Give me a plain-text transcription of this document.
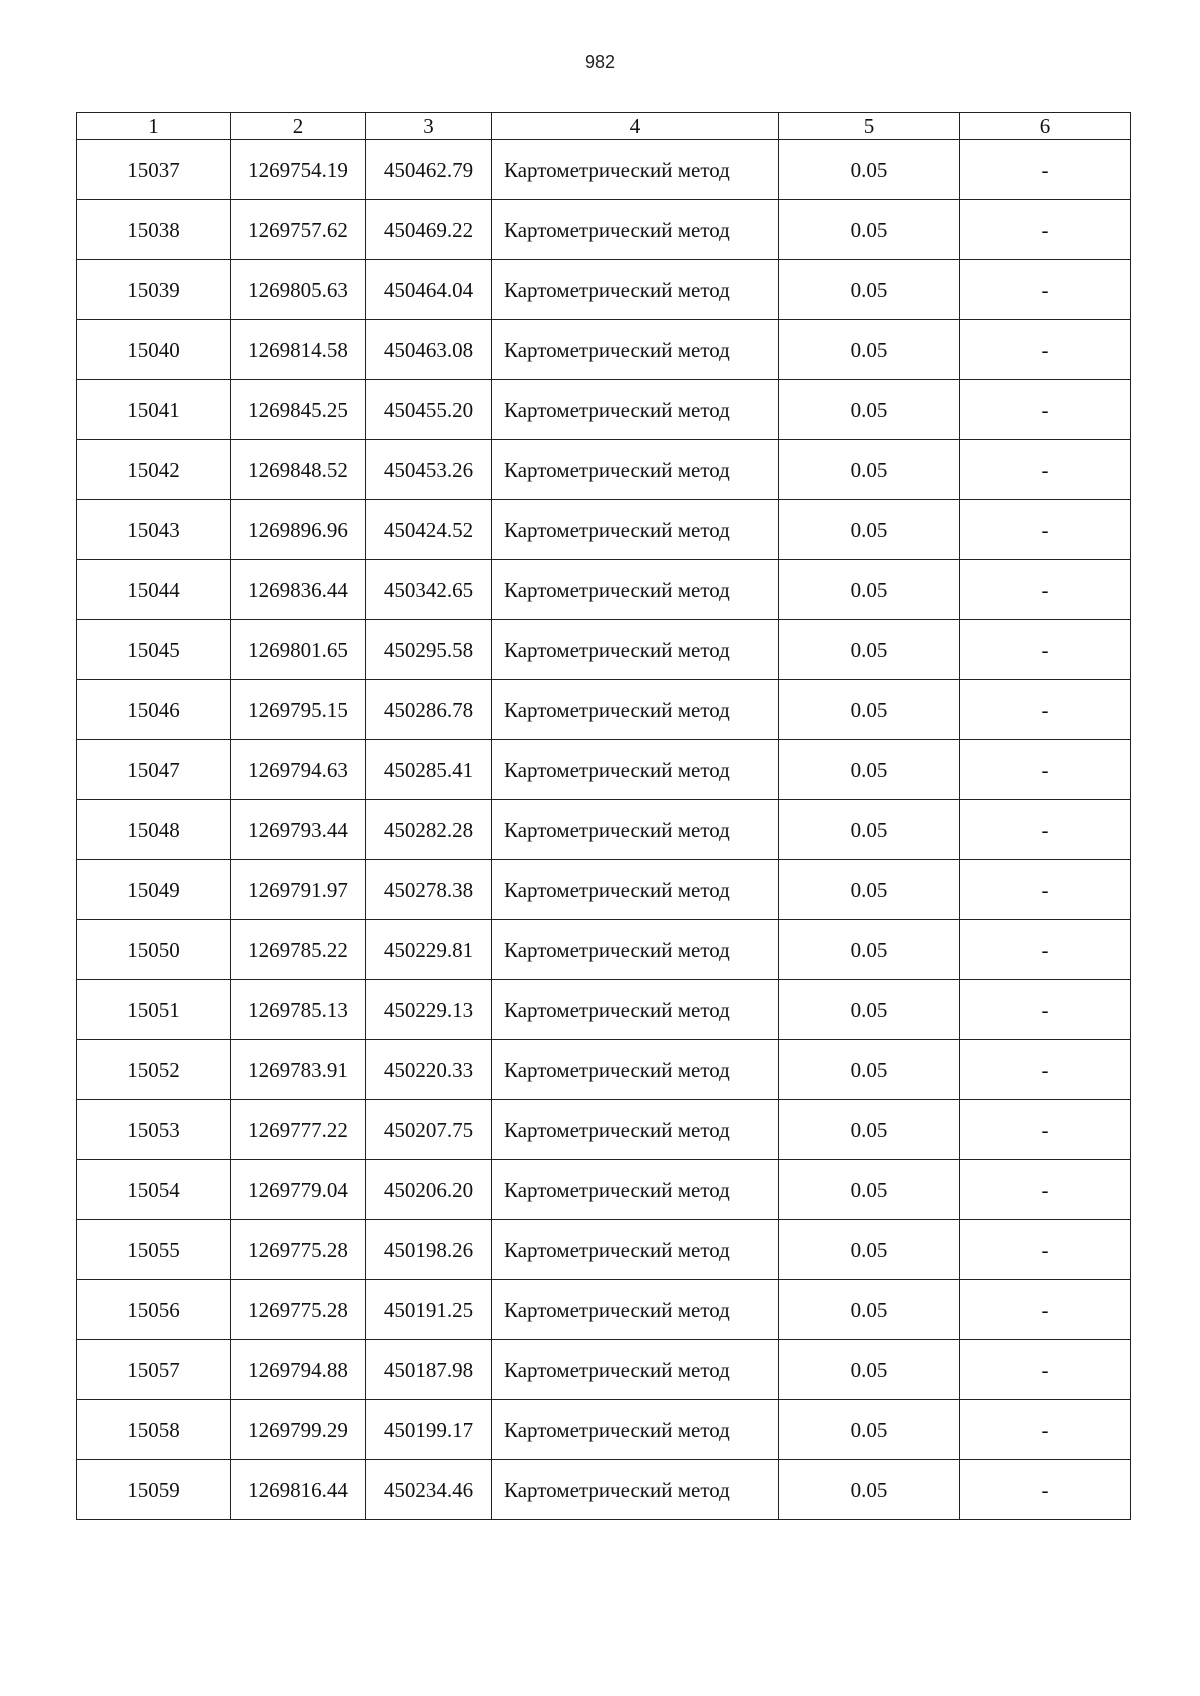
982
1	2	3	4	5	6
15037	1269754.19	450462.79	Картометрический метод	0.05	-
15038	1269757.62	450469.22	Картометрический метод	0.05	-
15039	1269805.63	450464.04	Картометрический метод	0.05	-
15040	1269814.58	450463.08	Картометрический метод	0.05	-
15041	1269845.25	450455.20	Картометрический метод	0.05	-
15042	1269848.52	450453.26	Картометрический метод	0.05	-
15043	1269896.96	450424.52	Картометрический метод	0.05	-
15044	1269836.44	450342.65	Картометрический метод	0.05	-
15045	1269801.65	450295.58	Картометрический метод	0.05	-
15046	1269795.15	450286.78	Картометрический метод	0.05	-
15047	1269794.63	450285.41	Картометрический метод	0.05	-
15048	1269793.44	450282.28	Картометрический метод	0.05	-
15049	1269791.97	450278.38	Картометрический метод	0.05	-
15050	1269785.22	450229.81	Картометрический метод	0.05	-
15051	1269785.13	450229.13	Картометрический метод	0.05	-
15052	1269783.91	450220.33	Картометрический метод	0.05	-
15053	1269777.22	450207.75	Картометрический метод	0.05	-
15054	1269779.04	450206.20	Картометрический метод	0.05	-
15055	1269775.28	450198.26	Картометрический метод	0.05	-
15056	1269775.28	450191.25	Картометрический метод	0.05	-
15057	1269794.88	450187.98	Картометрический метод	0.05	-
15058	1269799.29	450199.17	Картометрический метод	0.05	-
15059	1269816.44	450234.46	Картометрический метод	0.05	-
